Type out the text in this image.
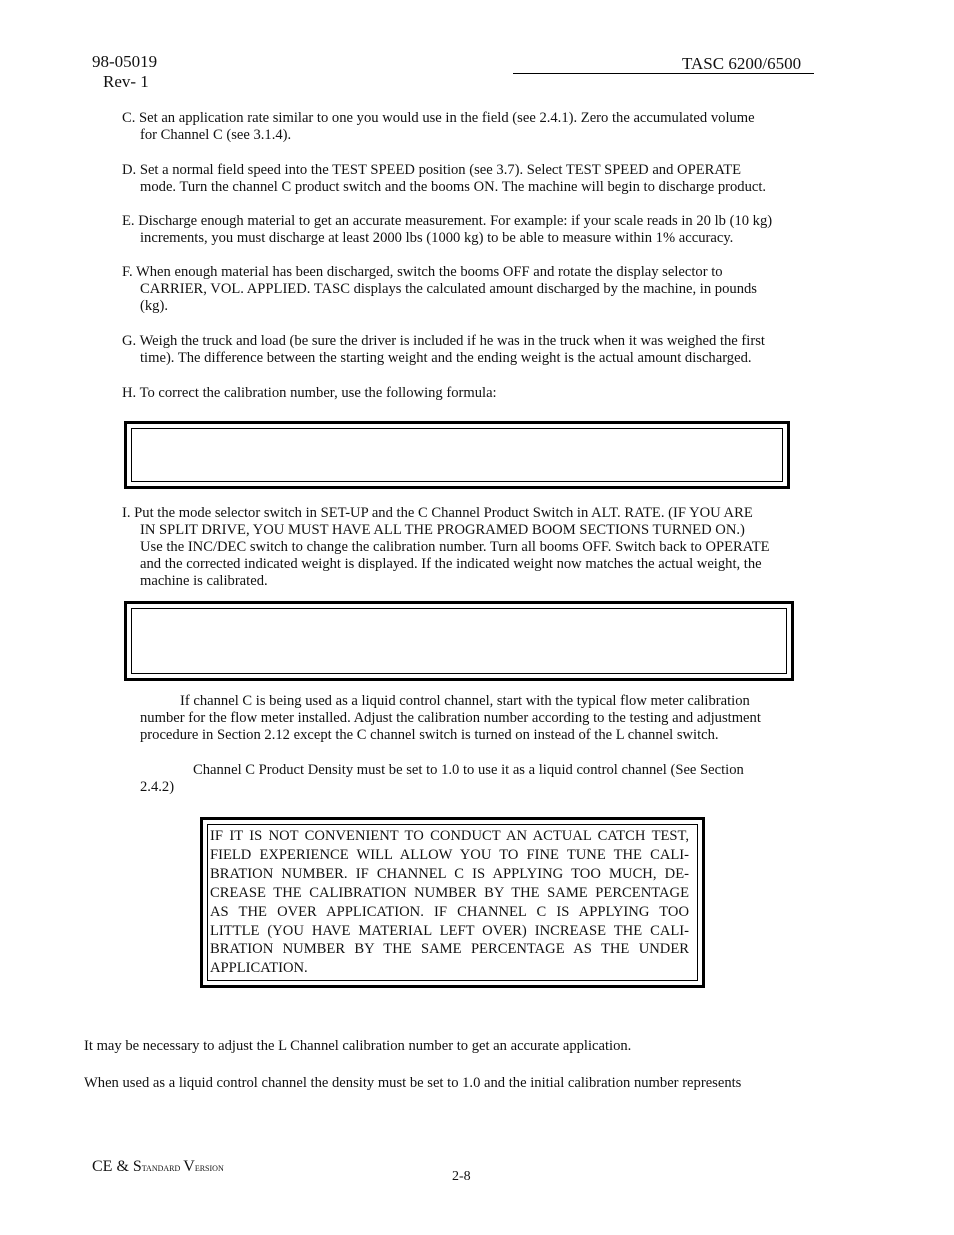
98-05019
Rev- 1
TASC 6200/6500
C. Set an application rate similar to one you would use in the field (see 2.4.1). Zero the accumulated volume
for Channel C (see 3.1.4).
D. Set a normal field speed into the TEST SPEED position (see 3.7). Select TEST SPEED and OPERATE
mode. Turn the channel C product switch and the booms ON. The machine will begin to discharge product.
E. Discharge enough material to get an accurate measurement. For example: if your scale reads in 20 lb (10 kg)
increments, you must discharge at least 2000 lbs (1000 kg) to be able to measure within 1% accuracy.
F. When enough material has been discharged, switch the booms OFF and rotate the display selector to
CARRIER, VOL. APPLIED. TASC displays the calculated amount discharged by the machine, in pounds
(kg).
G. Weigh the truck and load (be sure the driver is included if he was in the truck when it was weighed the first
time). The difference between the starting weight and the ending weight is the actual amount discharged.
H. To correct the calibration number, use the following formula:
I. Put the mode selector switch in SET-UP and the C Channel Product Switch in ALT. RATE. (IF YOU ARE
IN SPLIT DRIVE, YOU MUST HAVE ALL THE PROGRAMED BOOM SECTIONS TURNED ON.)
Use the INC/DEC switch to change the calibration number. Turn all booms OFF. Switch back to OPERATE
and the corrected indicated weight is displayed. If the indicated weight now matches the actual weight, the
machine is calibrated.
If channel C is being used as a liquid control channel, start with the typical flow meter calibration
number for the flow meter installed. Adjust the calibration number according to the testing and adjustment
procedure in Section 2.12 except the C channel switch is turned on instead of the L channel switch.
Channel C Product Density must be set to 1.0 to use it as a liquid control channel (See Section
2.4.2)
IF IT IS NOT CONVENIENT TO CONDUCT AN ACTUAL CATCH TEST,
FIELD EXPERIENCE WILL ALLOW YOU TO FINE TUNE THE CALI-
BRATION NUMBER. IF CHANNEL C IS APPLYING TOO MUCH, DE-
CREASE THE CALIBRATION NUMBER BY THE SAME PERCENTAGE
AS THE OVER APPLICATION. IF CHANNEL C IS APPLYING TOO
LITTLE (YOU HAVE MATERIAL LEFT OVER) INCREASE THE CALI-
BRATION NUMBER BY THE SAME PERCENTAGE AS THE UNDER
APPLICATION.
It may be necessary to adjust the L Channel calibration number to get an accurate application.
When used as a liquid control channel the density must be set to 1.0 and the initial calibration number represents
CE & Standard Version
2-8
